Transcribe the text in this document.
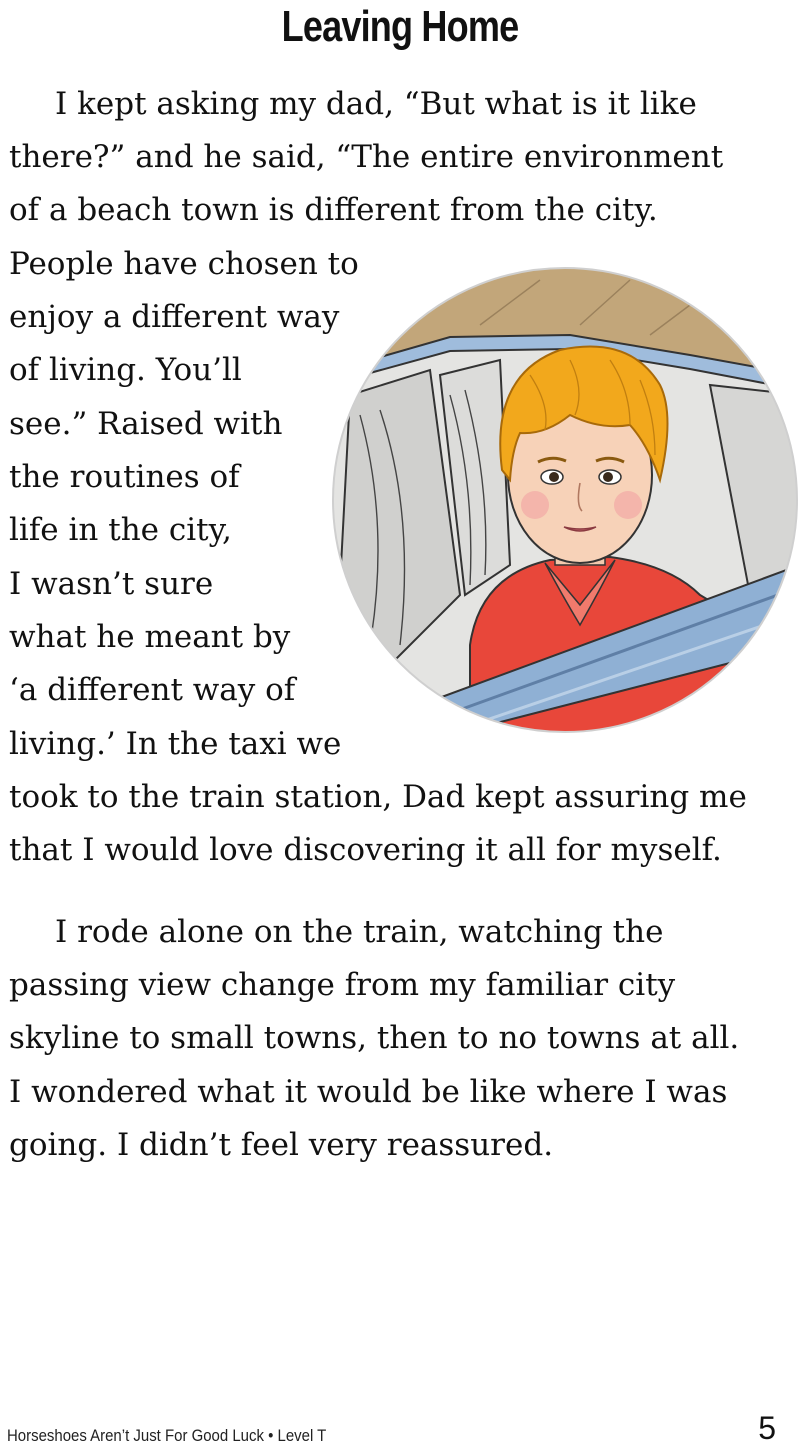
Leaving Home
I kept asking my dad, “But what is it like
there?” and he said, “The entire environment
of a beach town is different from the city.
People have chosen to
enjoy a different way
of living. You’ll
see.” Raised with
the routines of
life in the city,
I wasn’t sure
what he meant by
‘a different way of
living.’ In the taxi we
took to the train station, Dad kept assuring me
that I would love discovering it all for myself.
I rode alone on the train, watching the
passing view change from my familiar city
skyline to small towns, then to no towns at all.
I wondered what it would be like where I was
going. I didn’t feel very reassured.
Horseshoes Aren’t Just For Good Luck • Level T	5
